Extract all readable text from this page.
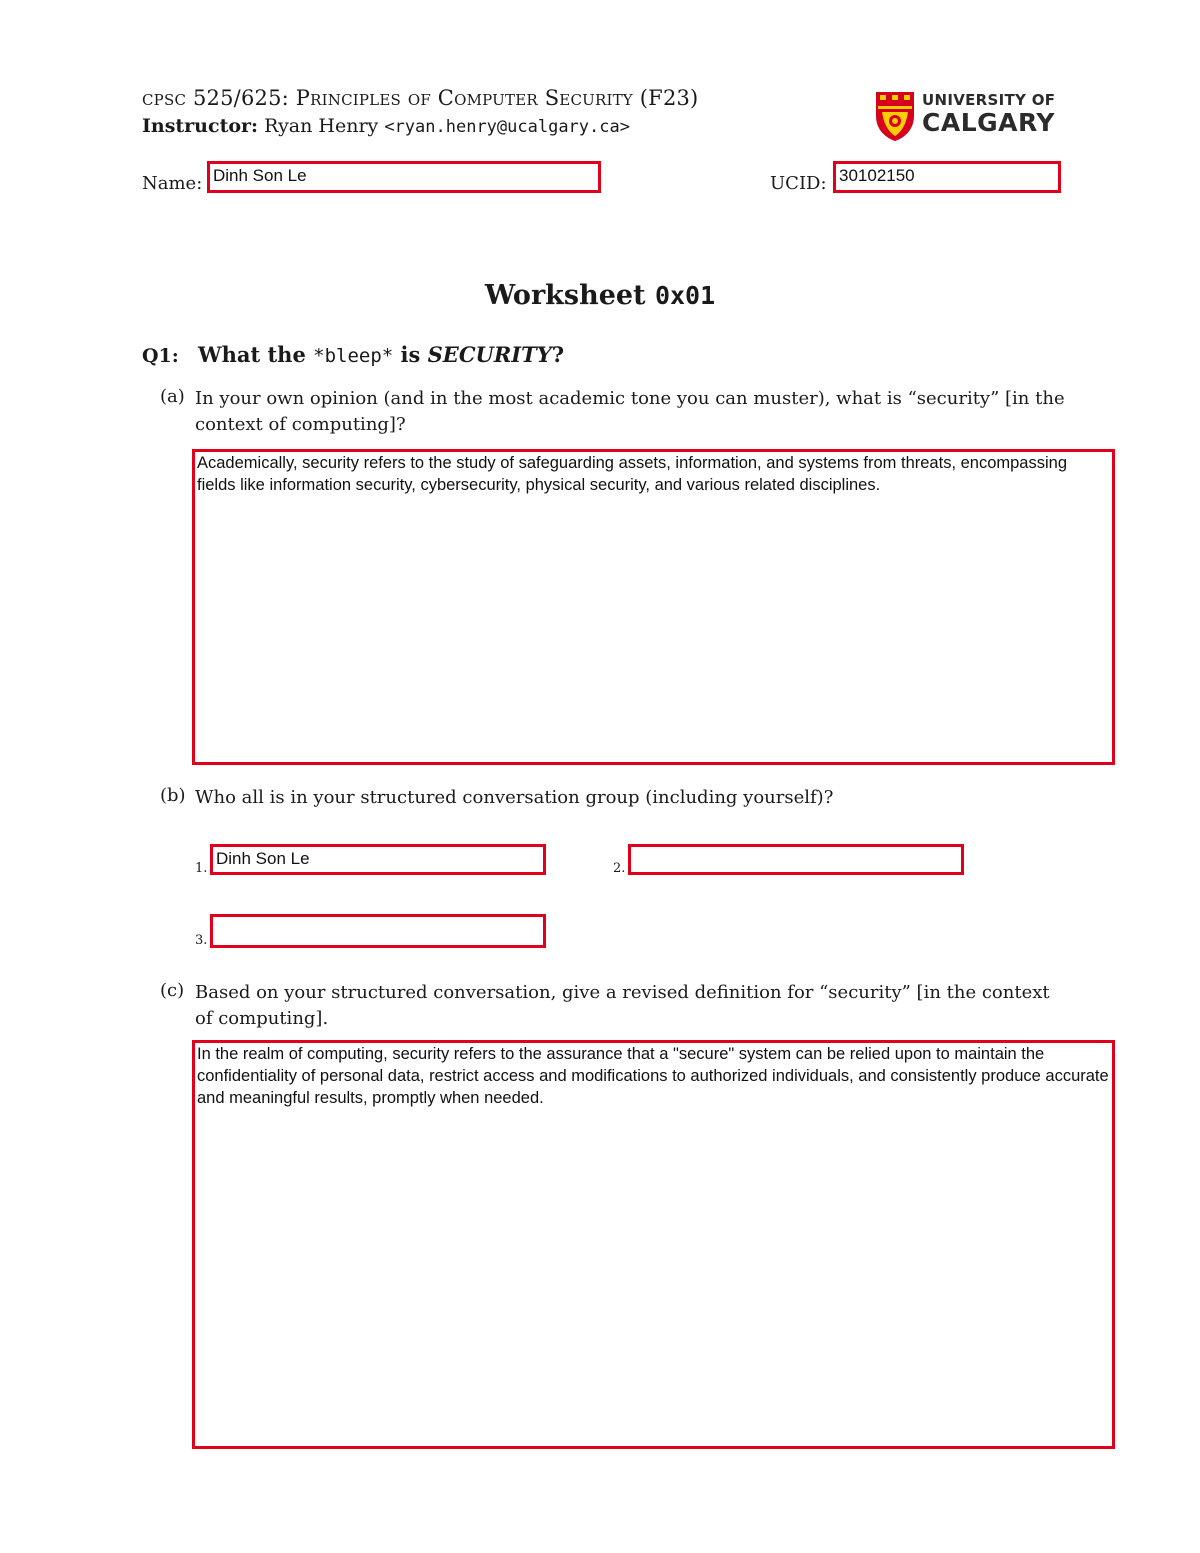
cpsc 525/625: Principles of Computer Security (F23)
Instructor: Ryan Henry <ryan.henry@ucalgary.ca>
UNIVERSITY OF
CALGARY
Name: Dinh Son Le	UCID: 30102150
Worksheet 0x01
Q1: What the *bleep* is SECURITY?
(a) In your own opinion (and in the most academic tone you can muster), what is “security” [in the context of computing]?
Academically, security refers to the study of safeguarding assets, information, and systems from threats, encompassing fields like information security, cybersecurity, physical security, and various related disciplines.
(b) Who all is in your structured conversation group (including yourself)?
1.
Dinh Son Le
2.
3.
(c) Based on your structured conversation, give a revised definition for “security” [in the context of computing].
In the realm of computing, security refers to the assurance that a "secure" system can be relied upon to maintain the confidentiality of personal data, restrict access and modifications to authorized individuals, and consistently produce accurate and meaningful results, promptly when needed.
